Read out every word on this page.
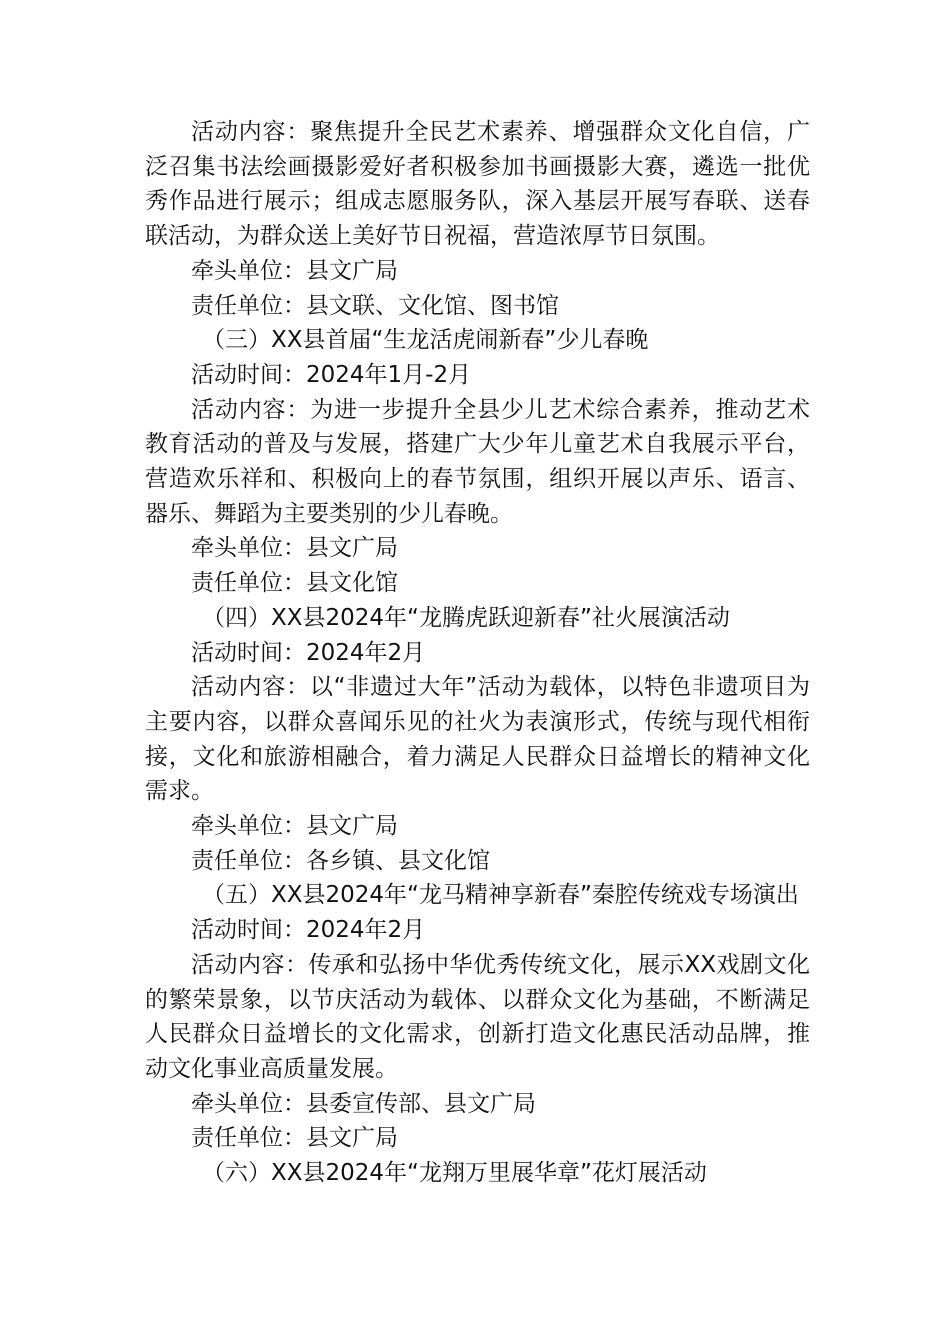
活动内容：聚焦提升全民艺术素养、增强群众文化自信，广泛召集书法绘画摄影爱好者积极参加书画摄影大赛，遴选一批优秀作品进行展示；组成志愿服务队，深入基层开展写春联、送春联活动，为群众送上美好节日祝福，营造浓厚节日氛围。

牵头单位：县文广局

责任单位：县文联、文化馆、图书馆

（三）XX县首届“生龙活虎闹新春”少儿春晚

活动时间：2024年1月-2月

活动内容：为进一步提升全县少儿艺术综合素养，推动艺术教育活动的普及与发展，搭建广大少年儿童艺术自我展示平台，营造欢乐祥和、积极向上的春节氛围，组织开展以声乐、语言、器乐、舞蹈为主要类别的少儿春晚。

牵头单位：县文广局

责任单位：县文化馆

（四）XX县2024年“龙腾虎跃迎新春”社火展演活动

活动时间：2024年2月

活动内容：以“非遗过大年”活动为载体，以特色非遗项目为主要内容，以群众喜闻乐见的社火为表演形式，传统与现代相衔接，文化和旅游相融合，着力满足人民群众日益增长的精神文化需求。

牵头单位：县文广局

责任单位：各乡镇、县文化馆

（五）XX县2024年“龙马精神享新春”秦腔传统戏专场演出

活动时间：2024年2月

活动内容：传承和弘扬中华优秀传统文化，展示XX戏剧文化的繁荣景象，以节庆活动为载体、以群众文化为基础，不断满足人民群众日益增长的文化需求，创新打造文化惠民活动品牌，推动文化事业高质量发展。

牵头单位：县委宣传部、县文广局

责任单位：县文广局

（六）XX县2024年“龙翔万里展华章”花灯展活动
